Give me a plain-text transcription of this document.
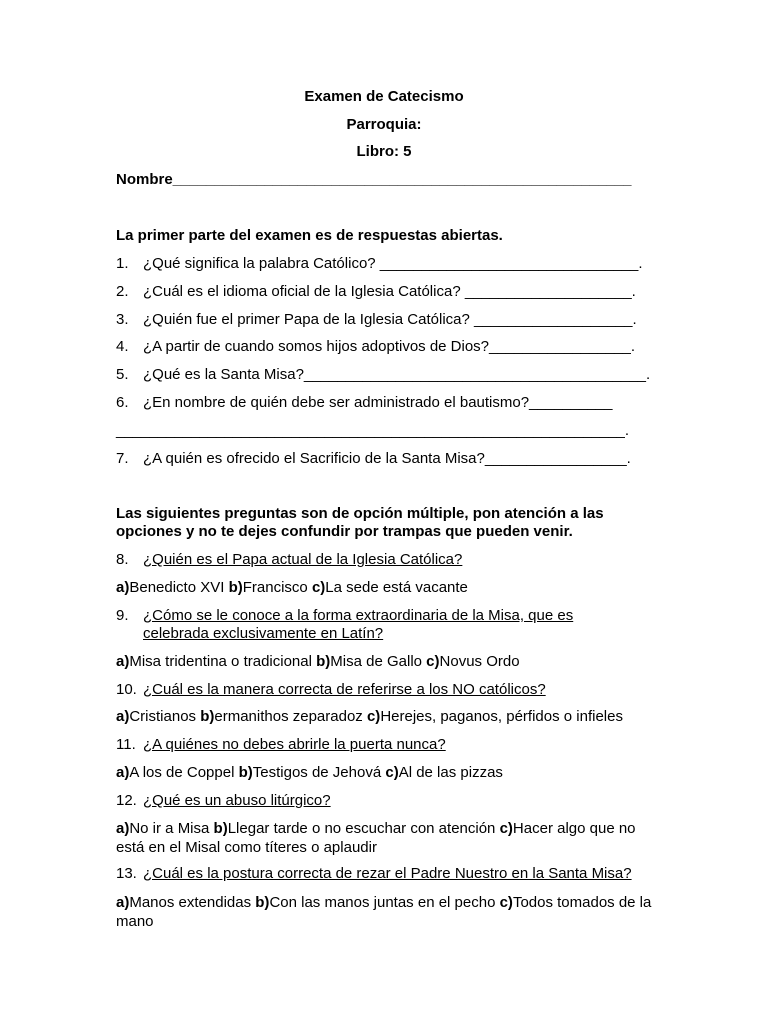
Examen de Catecismo
Parroquia:
Libro: 5
Nombre_______________________________________________________
La primer parte del examen es de respuestas abiertas.
1. ¿Qué significa la palabra Católico? _______________________________.
2. ¿Cuál es el idioma oficial de la Iglesia Católica? ____________________.
3. ¿Quién fue el primer Papa de la Iglesia Católica? ___________________.
4. ¿A partir de cuando somos hijos adoptivos de Dios?_________________.
5. ¿Qué es la Santa Misa?_________________________________________.
6. ¿En nombre de quién debe ser administrado el bautismo?__________
_____________________________________________________________.
7. ¿A quién es ofrecido el Sacrificio de la Santa Misa?_________________.
Las siguientes preguntas son de opción múltiple, pon atención a las
opciones y no te dejes confundir por trampas que pueden venir.
8. ¿Quién es el Papa actual de la Iglesia Católica?
a)Benedicto XVI b)Francisco c)La sede está vacante
9. ¿Cómo se le conoce a la forma extraordinaria de la Misa, que es
celebrada exclusivamente en Latín?
a)Misa tridentina o tradicional b)Misa de Gallo c)Novus Ordo
10. ¿Cuál es la manera correcta de referirse a los NO católicos?
a)Cristianos b)ermanithos zeparadoz c)Herejes, paganos, pérfidos o infieles
11. ¿A quiénes no debes abrirle la puerta nunca?
a)A los de Coppel b)Testigos de Jehová c)Al de las pizzas
12. ¿Qué es un abuso litúrgico?
a)No ir a Misa b)Llegar tarde o no escuchar con atención c)Hacer algo que no está en el Misal como títeres o aplaudir
13. ¿Cuál es la postura correcta de rezar el Padre Nuestro en la Santa Misa?
a)Manos extendidas b)Con las manos juntas en el pecho c)Todos tomados de la mano
